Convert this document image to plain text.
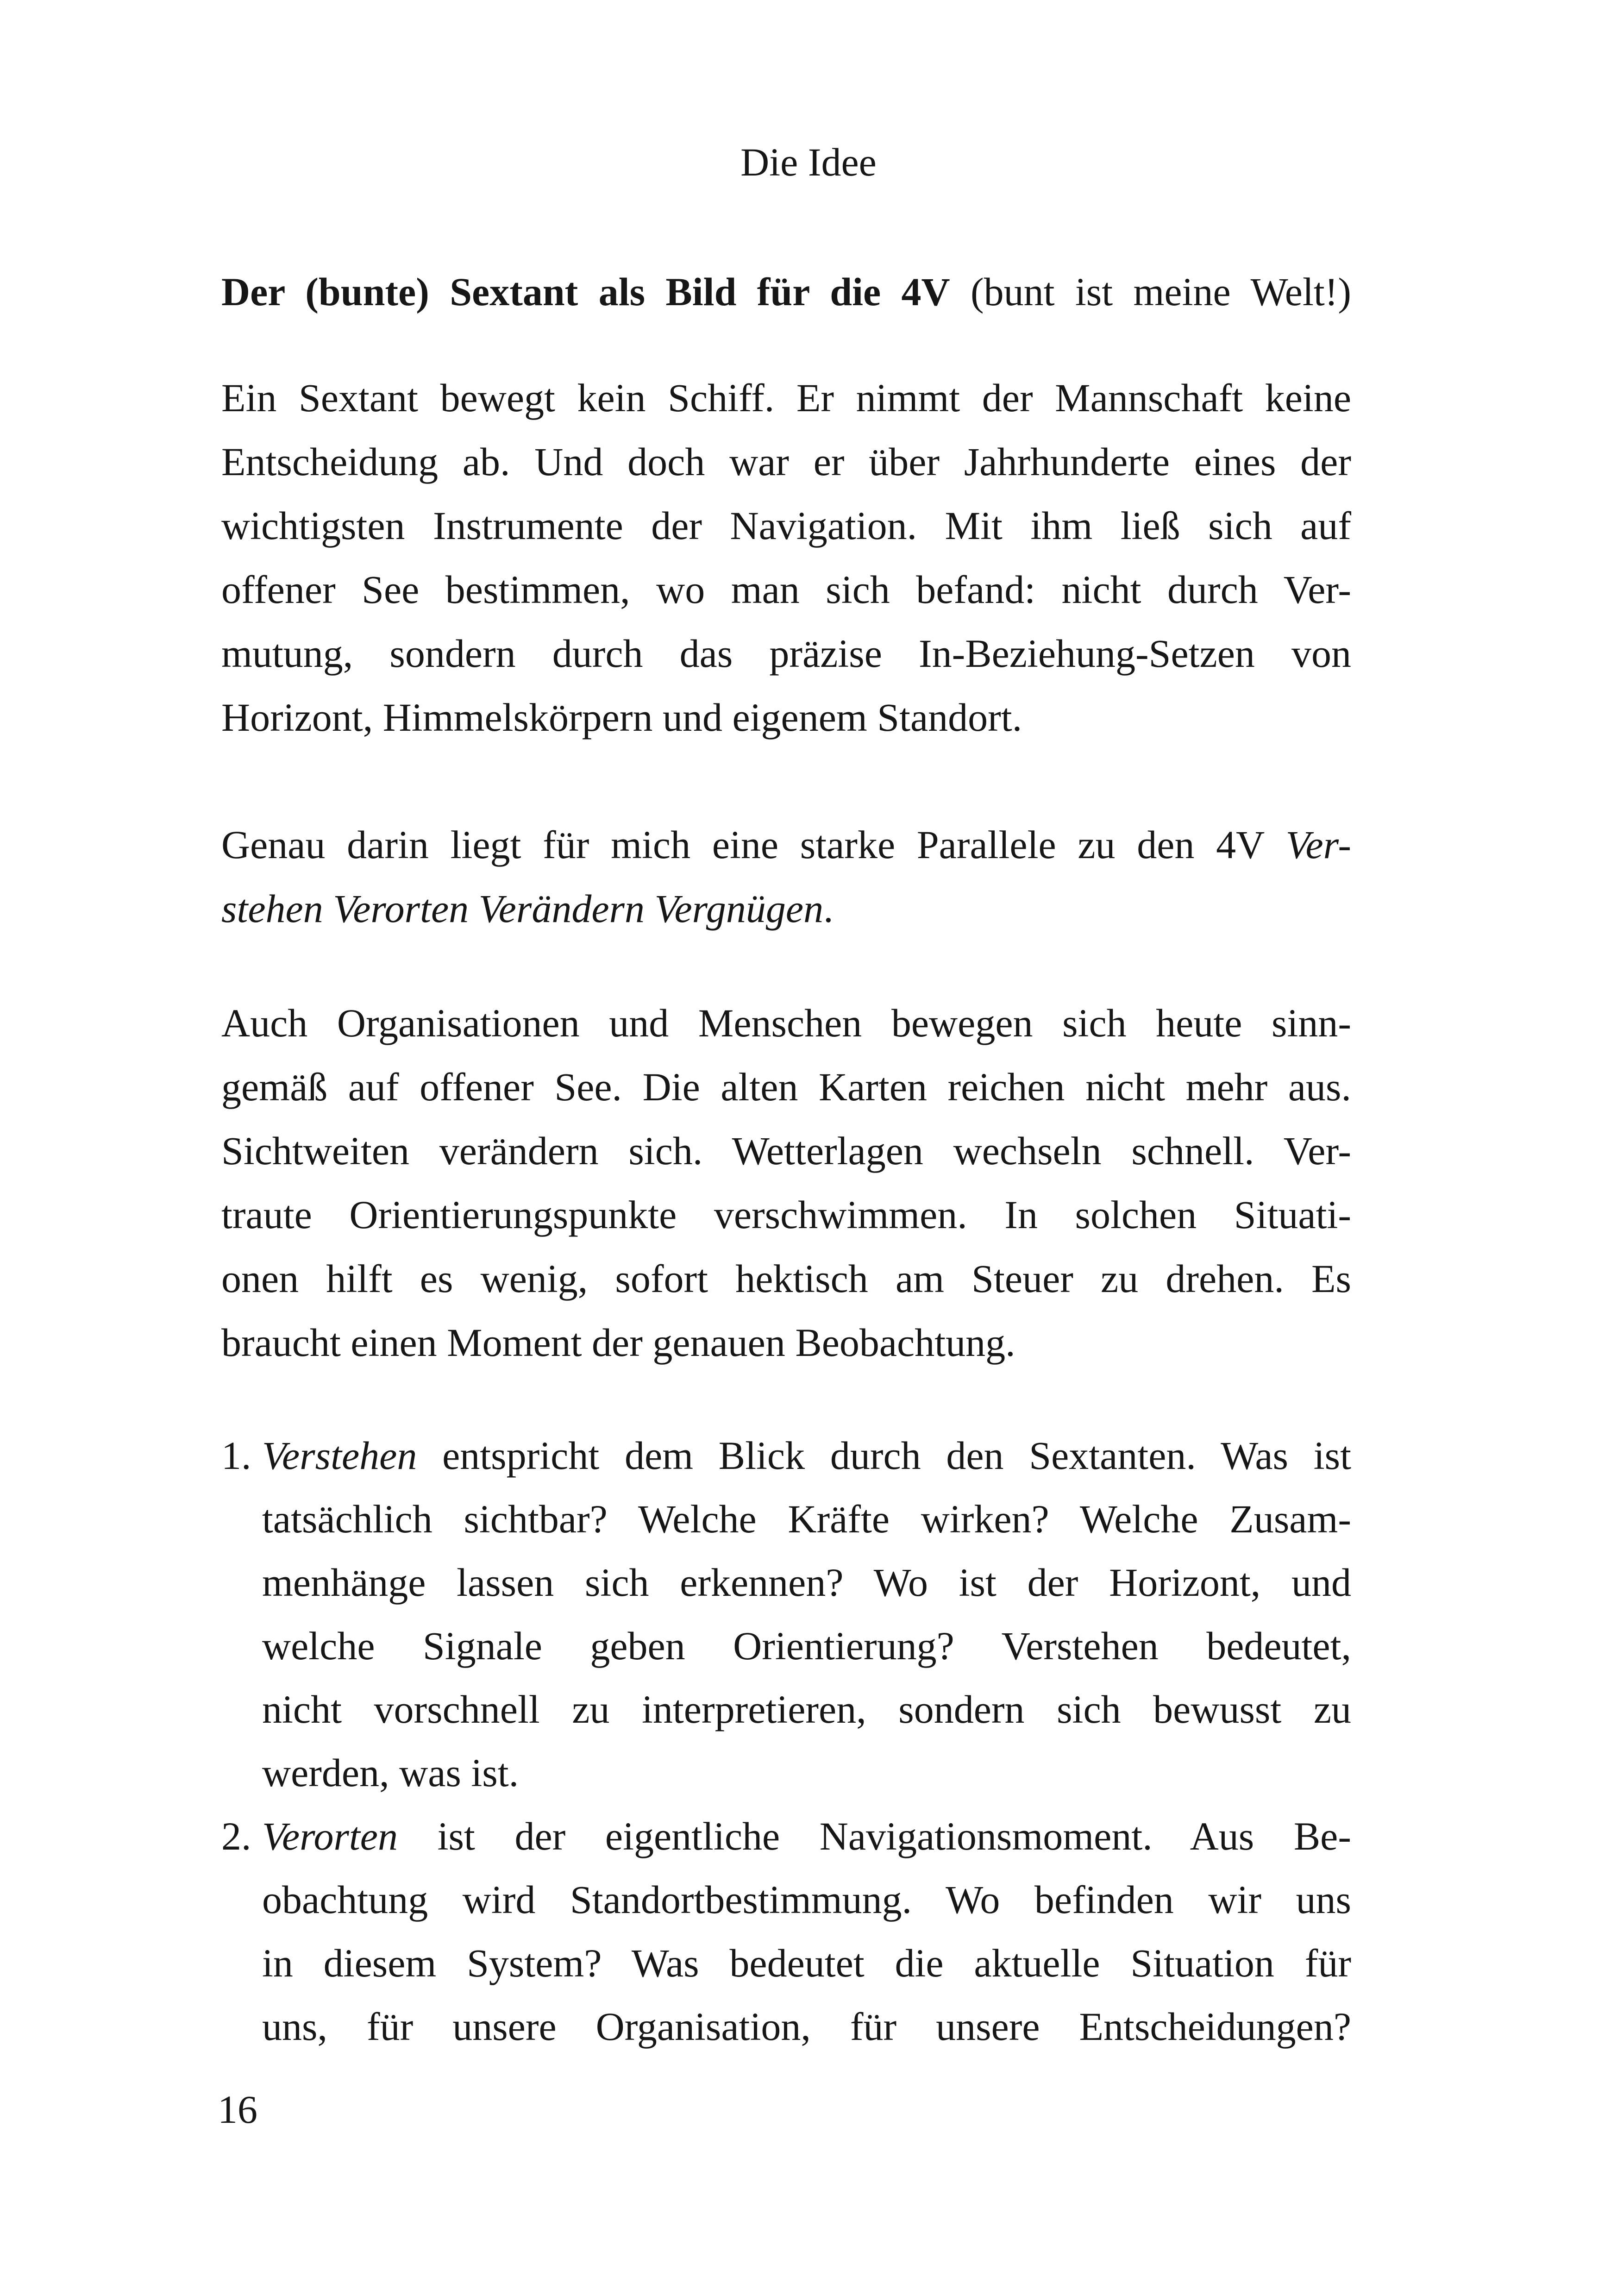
Die Idee
Der (bunte) Sextant als Bild für die 4V (bunt ist meine Welt!)

Ein Sextant bewegt kein Schiff. Er nimmt der Mannschaft keine
Entscheidung ab. Und doch war er über Jahrhunderte eines der
wichtigsten Instrumente der Navigation. Mit ihm ließ sich auf
offener See bestimmen, wo man sich befand: nicht durch Ver-
mutung, sondern durch das präzise In-Beziehung-Setzen von
Horizont, Himmelskörpern und eigenem Standort.

Genau darin liegt für mich eine starke Parallele zu den 4V Ver-
stehen Verorten Verändern Vergnügen.

Auch Organisationen und Menschen bewegen sich heute sinn-
gemäß auf offener See. Die alten Karten reichen nicht mehr aus.
Sichtweiten verändern sich. Wetterlagen wechseln schnell. Ver-
traute Orientierungspunkte verschwimmen. In solchen Situati-
onen hilft es wenig, sofort hektisch am Steuer zu drehen. Es
braucht einen Moment der genauen Beobachtung.

1. Verstehen entspricht dem Blick durch den Sextanten. Was ist
tatsächlich sichtbar? Welche Kräfte wirken? Welche Zusam-
menhänge lassen sich erkennen? Wo ist der Horizont, und
welche Signale geben Orientierung? Verstehen bedeutet,
nicht vorschnell zu interpretieren, sondern sich bewusst zu
werden, was ist.
2. Verorten ist der eigentliche Navigationsmoment. Aus Be-
obachtung wird Standortbestimmung. Wo befinden wir uns
in diesem System? Was bedeutet die aktuelle Situation für
uns, für unsere Organisation, für unsere Entscheidungen?
16
